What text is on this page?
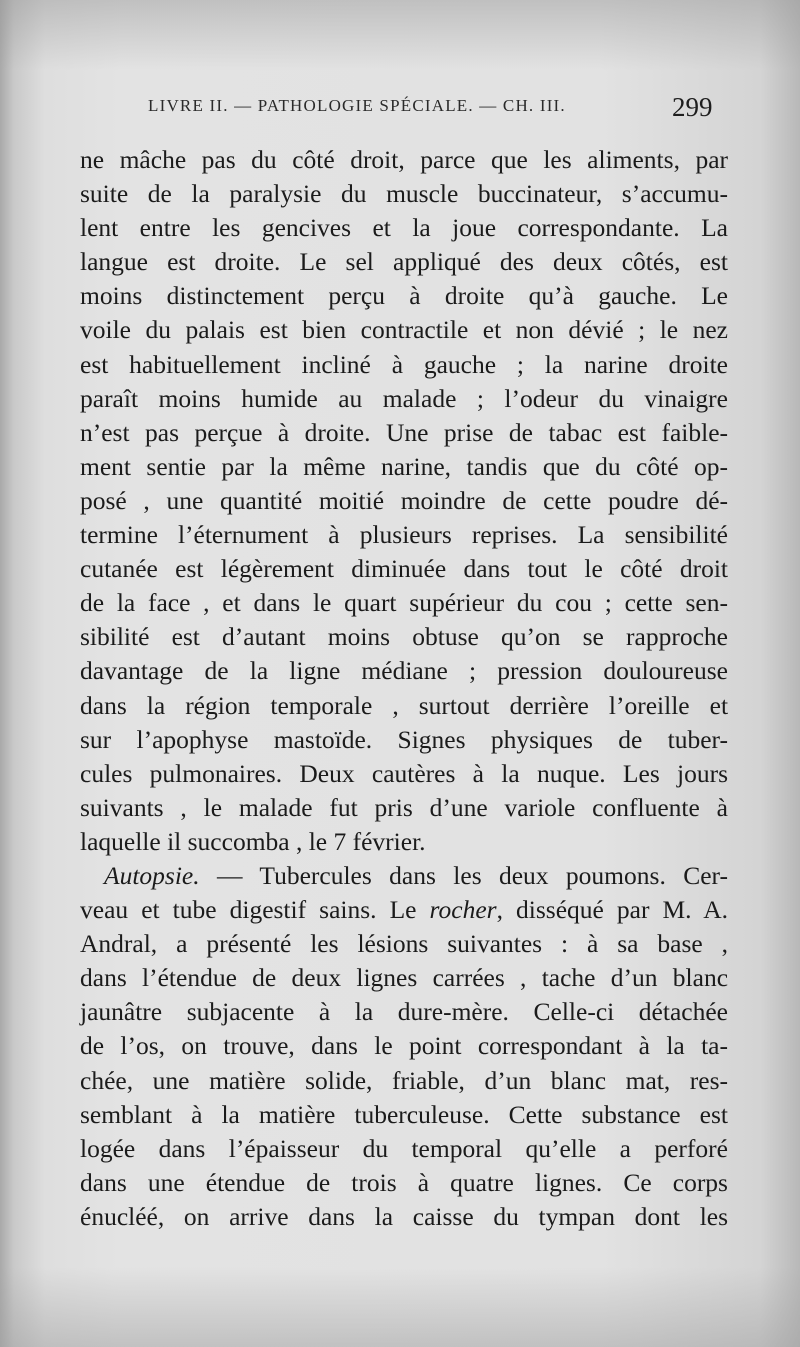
LIVRE II. — PATHOLOGIE SPÉCIALE. — CH. III.	299
ne mâche pas du côté droit, parce que les aliments, par
suite de la paralysie du muscle buccinateur, s’accumu-
lent entre les gencives et la joue correspondante. La
langue est droite. Le sel appliqué des deux côtés, est
moins distinctement perçu à droite qu’à gauche. Le
voile du palais est bien contractile et non dévié ; le nez
est habituellement incliné à gauche ; la narine droite
paraît moins humide au malade ; l’odeur du vinaigre
n’est pas perçue à droite. Une prise de tabac est faible-
ment sentie par la même narine, tandis que du côté op-
posé , une quantité moitié moindre de cette poudre dé-
termine l’éternument à plusieurs reprises. La sensibilité
cutanée est légèrement diminuée dans tout le côté droit
de la face , et dans le quart supérieur du cou ; cette sen-
sibilité est d’autant moins obtuse qu’on se rapproche
davantage de la ligne médiane ; pression douloureuse
dans la région temporale , surtout derrière l’oreille et
sur l’apophyse mastoïde. Signes physiques de tuber-
cules pulmonaires. Deux cautères à la nuque. Les jours
suivants , le malade fut pris d’une variole confluente à
laquelle il succomba , le 7 février.
Autopsie. — Tubercules dans les deux poumons. Cer-
veau et tube digestif sains. Le rocher, disséqué par M. A.
Andral, a présenté les lésions suivantes : à sa base ,
dans l’étendue de deux lignes carrées , tache d’un blanc
jaunâtre subjacente à la dure-mère. Celle-ci détachée
de l’os, on trouve, dans le point correspondant à la ta-
chée, une matière solide, friable, d’un blanc mat, res-
semblant à la matière tuberculeuse. Cette substance est
logée dans l’épaisseur du temporal qu’elle a perforé
dans une étendue de trois à quatre lignes. Ce corps
énucléé, on arrive dans la caisse du tympan dont les
